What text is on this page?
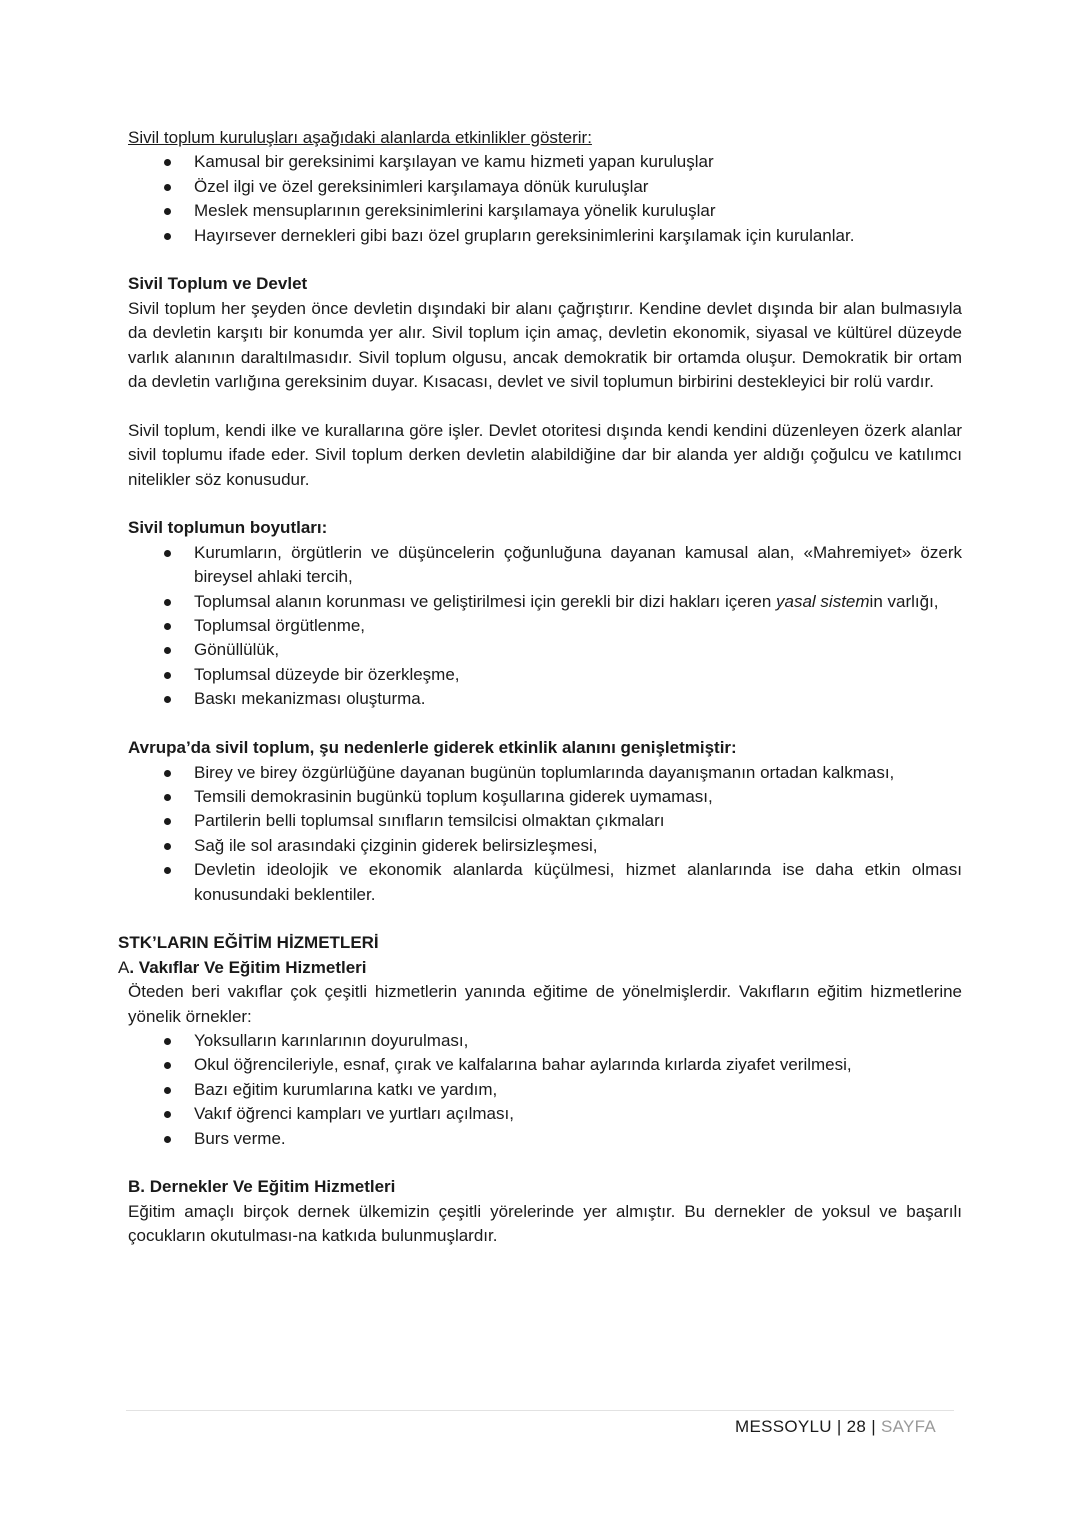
Sivil toplum kuruluşları aşağıdaki alanlarda etkinlikler gösterir:

Kamusal bir gereksinimi karşılayan ve kamu hizmeti yapan kuruluşlar
Özel ilgi ve özel gereksinimleri karşılamaya dönük kuruluşlar
Meslek mensuplarının gereksinimlerini karşılamaya yönelik kuruluşlar
Hayırsever dernekleri gibi bazı özel grupların gereksinimlerini karşılamak için kurulanlar.

Sivil Toplum ve Devlet

Sivil toplum her şeyden önce devletin dışındaki bir alanı çağrıştırır. Kendine devlet dışında bir alan bulmasıyla da devletin karşıtı bir konumda yer alır. Sivil toplum için amaç, devletin ekonomik, siyasal ve kültürel düzeyde varlık alanının daraltılmasıdır. Sivil toplum olgusu, ancak demokratik bir ortamda oluşur. Demokratik bir ortam da devletin varlığına gereksinim duyar. Kısacası, devlet ve sivil toplumun birbirini destekleyici bir rolü vardır.

Sivil toplum, kendi ilke ve kurallarına göre işler. Devlet otoritesi dışında kendi kendini düzenleyen özerk alanlar sivil toplumu ifade eder. Sivil toplum derken devletin alabildiğine dar bir alanda yer aldığı çoğulcu ve katılımcı nitelikler söz konusudur.

Sivil toplumun boyutları:

Kurumların, örgütlerin ve düşüncelerin çoğunluğuna dayanan kamusal alan, «Mahremiyet» özerk bireysel ahlaki tercih,
Toplumsal alanın korunması ve geliştirilmesi için gerekli bir dizi hakları içeren yasal sistemin varlığı,
Toplumsal örgütlenme,
Gönüllülük,
Toplumsal düzeyde bir özerkleşme,
Baskı mekanizması oluşturma.

Avrupa’da sivil toplum, şu nedenlerle giderek etkinlik alanını genişletmiştir:

Birey ve birey özgürlüğüne dayanan bugünün toplumlarında dayanışmanın ortadan kalkması,
Temsili demokrasinin bugünkü toplum koşullarına giderek uymaması,
Partilerin belli toplumsal sınıfların temsilcisi olmaktan çıkmaları
Sağ ile sol arasındaki çizginin giderek belirsizleşmesi,
Devletin ideolojik ve ekonomik alanlarda küçülmesi, hizmet alanlarında ise daha etkin olması konusundaki beklentiler.

STK’LARIN EĞİTİM HİZMETLERİ

A. Vakıflar Ve Eğitim Hizmetleri

Öteden beri vakıflar çok çeşitli hizmetlerin yanında eğitime de yönelmişlerdir. Vakıfların eğitim hizmetlerine yönelik örnekler:

Yoksulların karınlarının doyurulması,
Okul öğrencileriyle, esnaf, çırak ve kalfalarına bahar aylarında kırlarda ziyafet verilmesi,
Bazı eğitim kurumlarına katkı ve yardım,
Vakıf öğrenci kampları ve yurtları açılması,
Burs verme.

B. Dernekler Ve Eğitim Hizmetleri

Eğitim amaçlı birçok dernek ülkemizin çeşitli yörelerinde yer almıştır. Bu dernekler de yoksul ve başarılı çocukların okutulması-na katkıda bulunmuşlardır.

MESSOYLU | 28 | SAYFA
